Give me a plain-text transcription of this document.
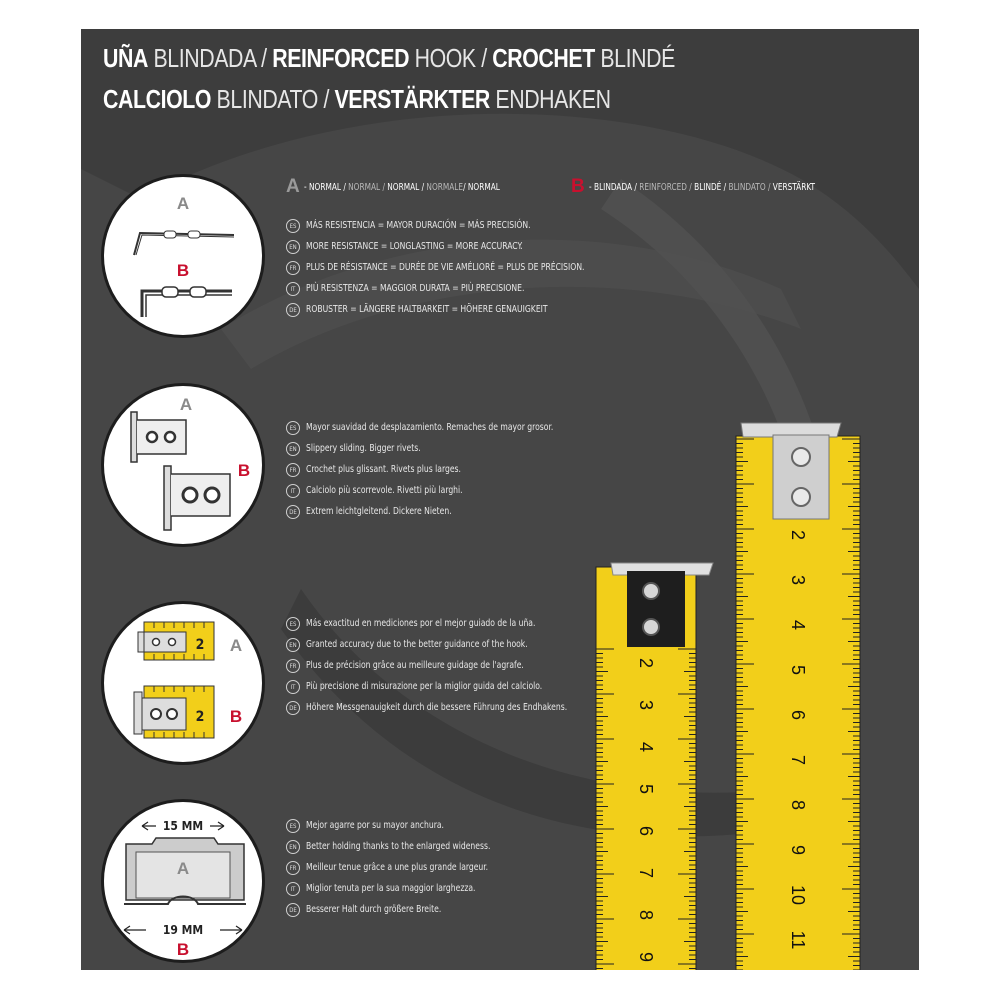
UÑA BLINDADA / REINFORCED HOOK / CROCHET BLINDÉ
CALCIOLO BLINDATO / VERSTÄRKTER ENDHAKEN
A - NORMAL / NORMAL / NORMAL / NORMALE/ NORMAL	B - BLINDADA / REINFORCED / BLINDÉ / BLINDATO / VERSTÄRKT
A
B
A
B
2 A
2 B
15 MM
A
19 MM
B
ES MÁS RESISTENCIA = MAYOR DURACIÓN = MÁS PRECISIÓN.
EN MORE RESISTANCE = LONGLASTING = MORE ACCURACY.
FR PLUS DE RÉSISTANCE = DURÉE DE VIE AMÉLIORÉ = PLUS DE PRÉCISION.
IT	PIÙ RESISTENZA = MAGGIOR DURATA = PIÙ PRECISIONE.
DE ROBUSTER = LÄNGERE HALTBARKEIT = HÖHERE GENAUIGKEIT
ES Mayor suavidad de desplazamiento. Remaches de mayor grosor.
EN Slippery sliding. Bigger rivets.
FR Crochet plus glissant. Rivets plus larges.
IT	Calciolo più scorrevole. Rivetti più larghi.
DE Extrem leichtgleitend. Dickere Nieten.
ES Más exactitud en mediciones por el mejor guiado de la uña.
EN Granted accuracy due to the better guidance of the hook.
FR Plus de précision grâce au meilleure guidage de l'agrafe.
IT	Più precisione di misurazione per la miglior guida del calciolo.
DE Höhere Messgenauigkeit durch die bessere Führung des Endhakens.
ES Mejor agarre por su mayor anchura.
EN Better holding thanks to the enlarged wideness.
FR Meilleur tenue grâce a une plus grande largeur.
IT	Miglior tenuta per la sua maggior larghezza.
DE Besserer Halt durch größere Breite.
2
3
4
5
6
7
8
9
10
11
2
3
4
5
6
7
8
9
